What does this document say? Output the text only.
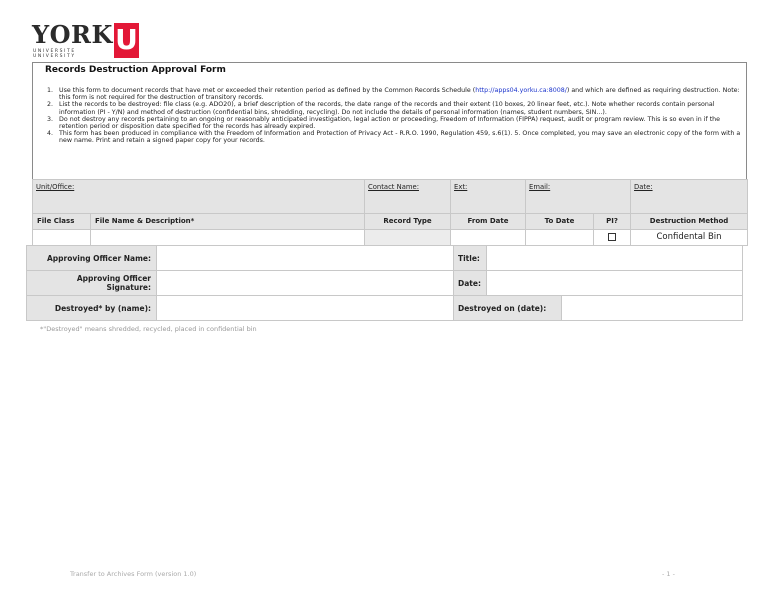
YORK
UNIVERSITE
UNIVERSITY
U
Records Destruction Approval Form
1. Use this form to document records that have met or exceeded their retention period as defined by the Common Records Schedule (http://apps04.yorku.ca:8008/) and which are defined as requiring destruction. Note: this form is not required for the destruction of transitory records.
2. List the records to be destroyed: file class (e.g. ADO20), a brief description of the records, the date range of the records and their extent (10 boxes, 20 linear feet, etc.). Note whether records contain personal information (PI - Y/N) and method of destruction (confidential bins, shredding, recycling). Do not include the details of personal information (names, student numbers, SIN...).
3. Do not destroy any records pertaining to an ongoing or reasonably anticipated investigation, legal action or proceeding, Freedom of Information (FIPPA) request, audit or program review. This is so even in if the retention period or disposition date specified for the records has already expired.
4. This form has been produced in compliance with the Freedom of Information and Protection of Privacy Act - R.R.O. 1990, Regulation 459, s.6(1). 5. Once completed, you may save an electronic copy of the form with a new name. Print and retain a signed paper copy for your records.
Unit/Office:		Contact Name:	Ext:	Email:		Date:
File Class	File Name & Description*	Record Type	From Date	To Date	PI?	Destruction Method
						Confidental Bin
Approving Officer Name:		Title:		
Approving Officer Signature:		Date:		
Destroyed* by (name):		Destroyed on (date):		
*"Destroyed" means shredded, recycled, placed in confidential bin
Transfer to Archives Form (version 1.0)	- 1 -
